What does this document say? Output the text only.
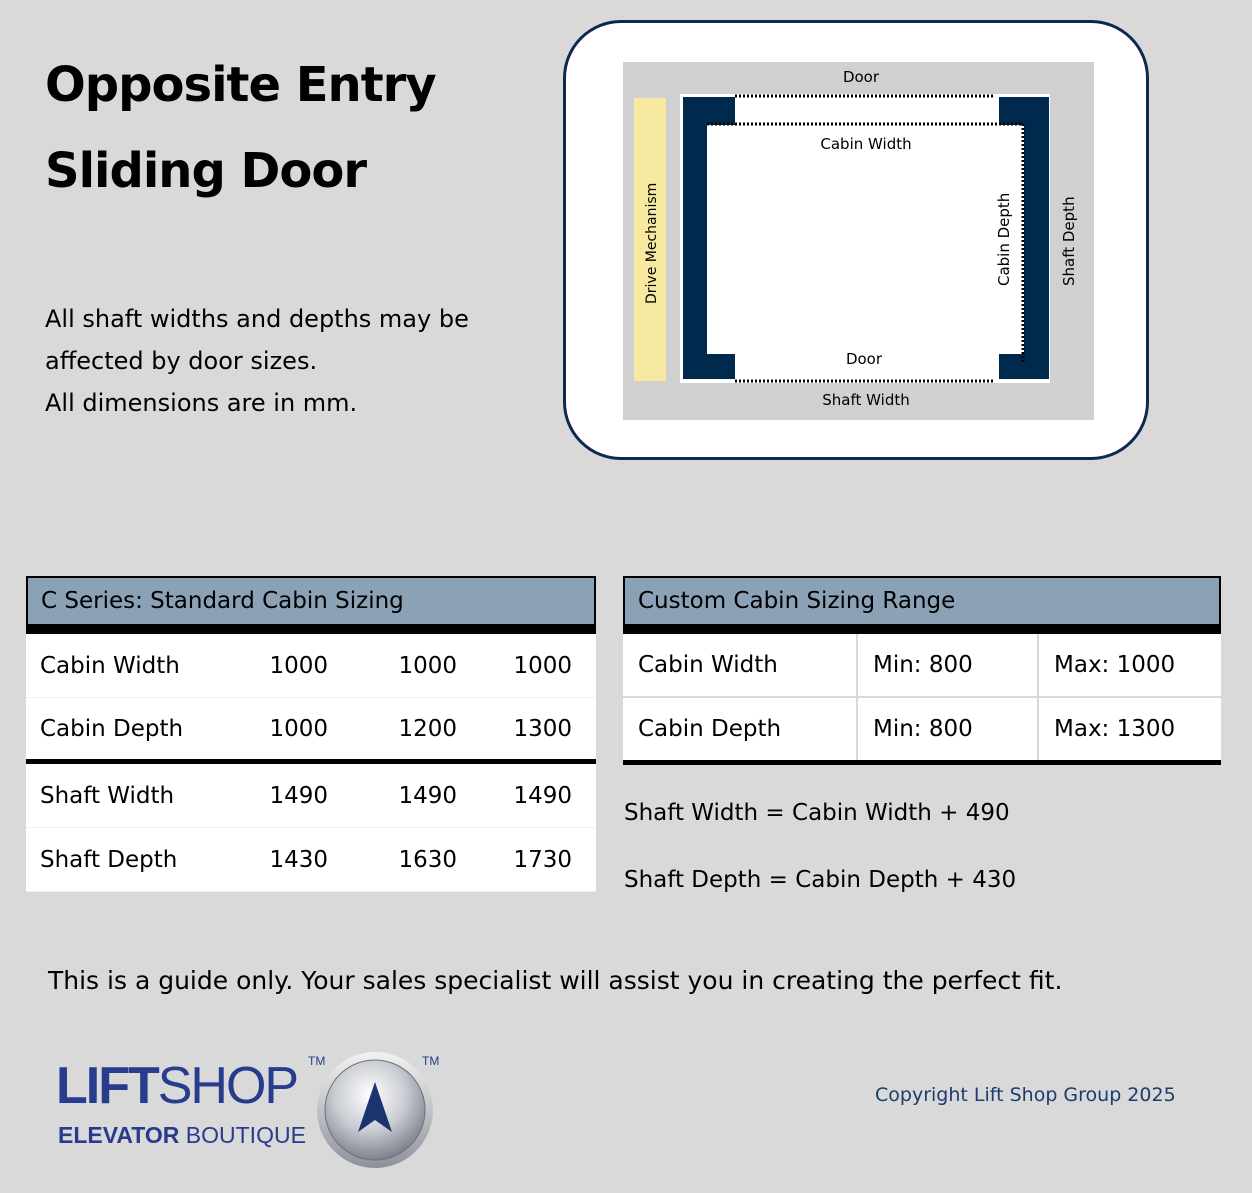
Opposite Entry
Sliding Door

All shaft widths and depths may be
affected by door sizes.
All dimensions are in mm.

Drive Mechanism
Door
Cabin Width
Cabin Depth	Shaft Depth
Door
Shaft Width
C Series: Standard Cabin Sizing
Cabin Width	1000	1000	1000
Cabin Depth	1000	1200	1300
Shaft Width	1490	1490	1490
Shaft Depth	1430	1630	1730
Custom Cabin Sizing Range
Cabin Width	Min: 800	Max: 1000
Cabin Depth	Min: 800	Max: 1300

Shaft Width = Cabin Width + 490

Shaft Depth = Cabin Depth + 430

This is a guide only. Your sales specialist will assist you in creating the perfect fit.

LIFTSHOP TM	TM
ELEVATOR BOUTIQUE

Copyright Lift Shop Group 2025
